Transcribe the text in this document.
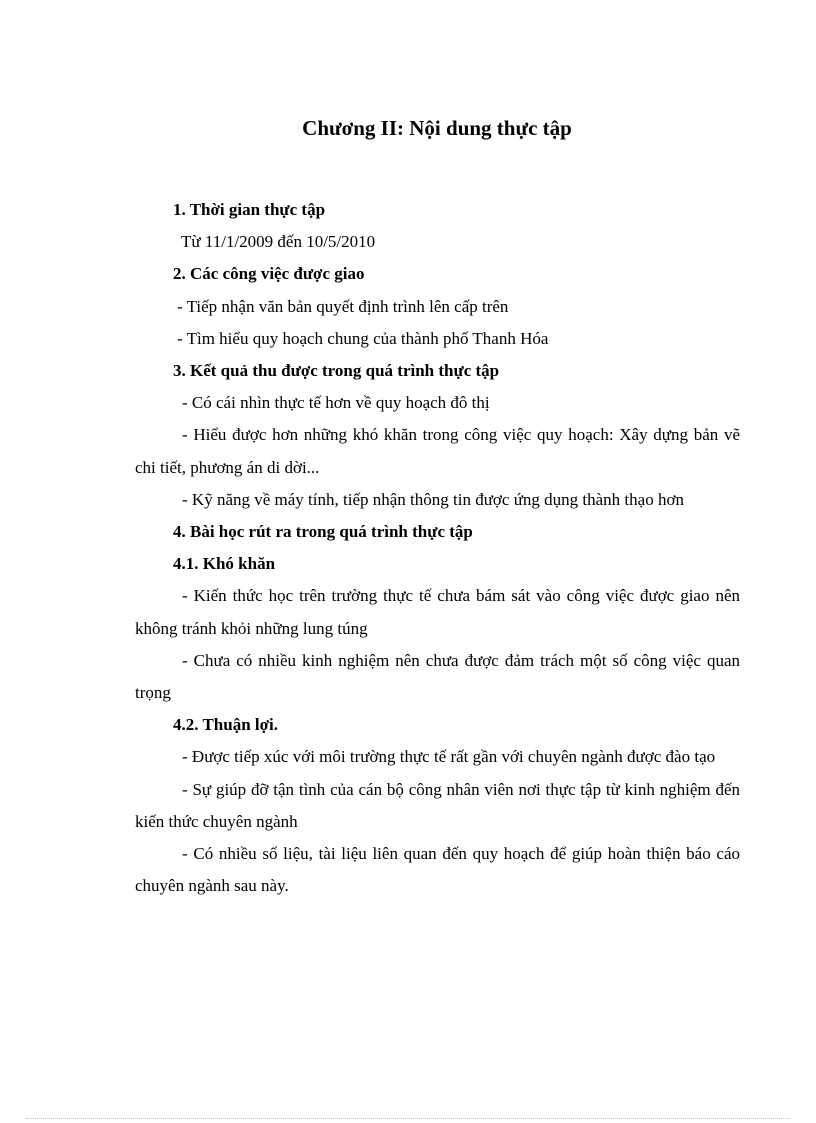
Chương II: Nội dung thực tập

1. Thời gian thực tập

Từ 11/1/2009 đến 10/5/2010

2. Các công việc được giao

- Tiếp nhận văn bản quyết định trình lên cấp trên

- Tìm hiểu quy hoạch chung của thành phố Thanh Hóa

3. Kết quả thu được trong quá trình thực tập

- Có cái nhìn thực tế hơn về quy hoạch đô thị

- Hiểu được hơn những khó khăn trong công việc quy hoạch: Xây dựng bản vẽ chi tiết, phương án di dời...

- Kỹ năng về máy tính, tiếp nhận thông tin được ứng dụng thành thạo hơn

4. Bài học rút ra trong quá trình thực tập

4.1. Khó khăn

- Kiến thức học trên trường thực tế chưa bám sát vào công việc được giao nên không tránh khỏi những lung túng

- Chưa có nhiều kinh nghiệm nên chưa được đảm trách một số công việc quan trọng

4.2. Thuận lợi.

- Được tiếp xúc với môi trường thực tế rất gần với chuyên ngành được đào tạo

- Sự giúp đỡ tận tình của cán bộ công nhân viên nơi thực tập từ kinh nghiệm đến kiến thức chuyên ngành

- Có nhiều số liệu, tài liệu liên quan đến quy hoạch để giúp hoàn thiện báo cáo chuyên ngành sau này.
